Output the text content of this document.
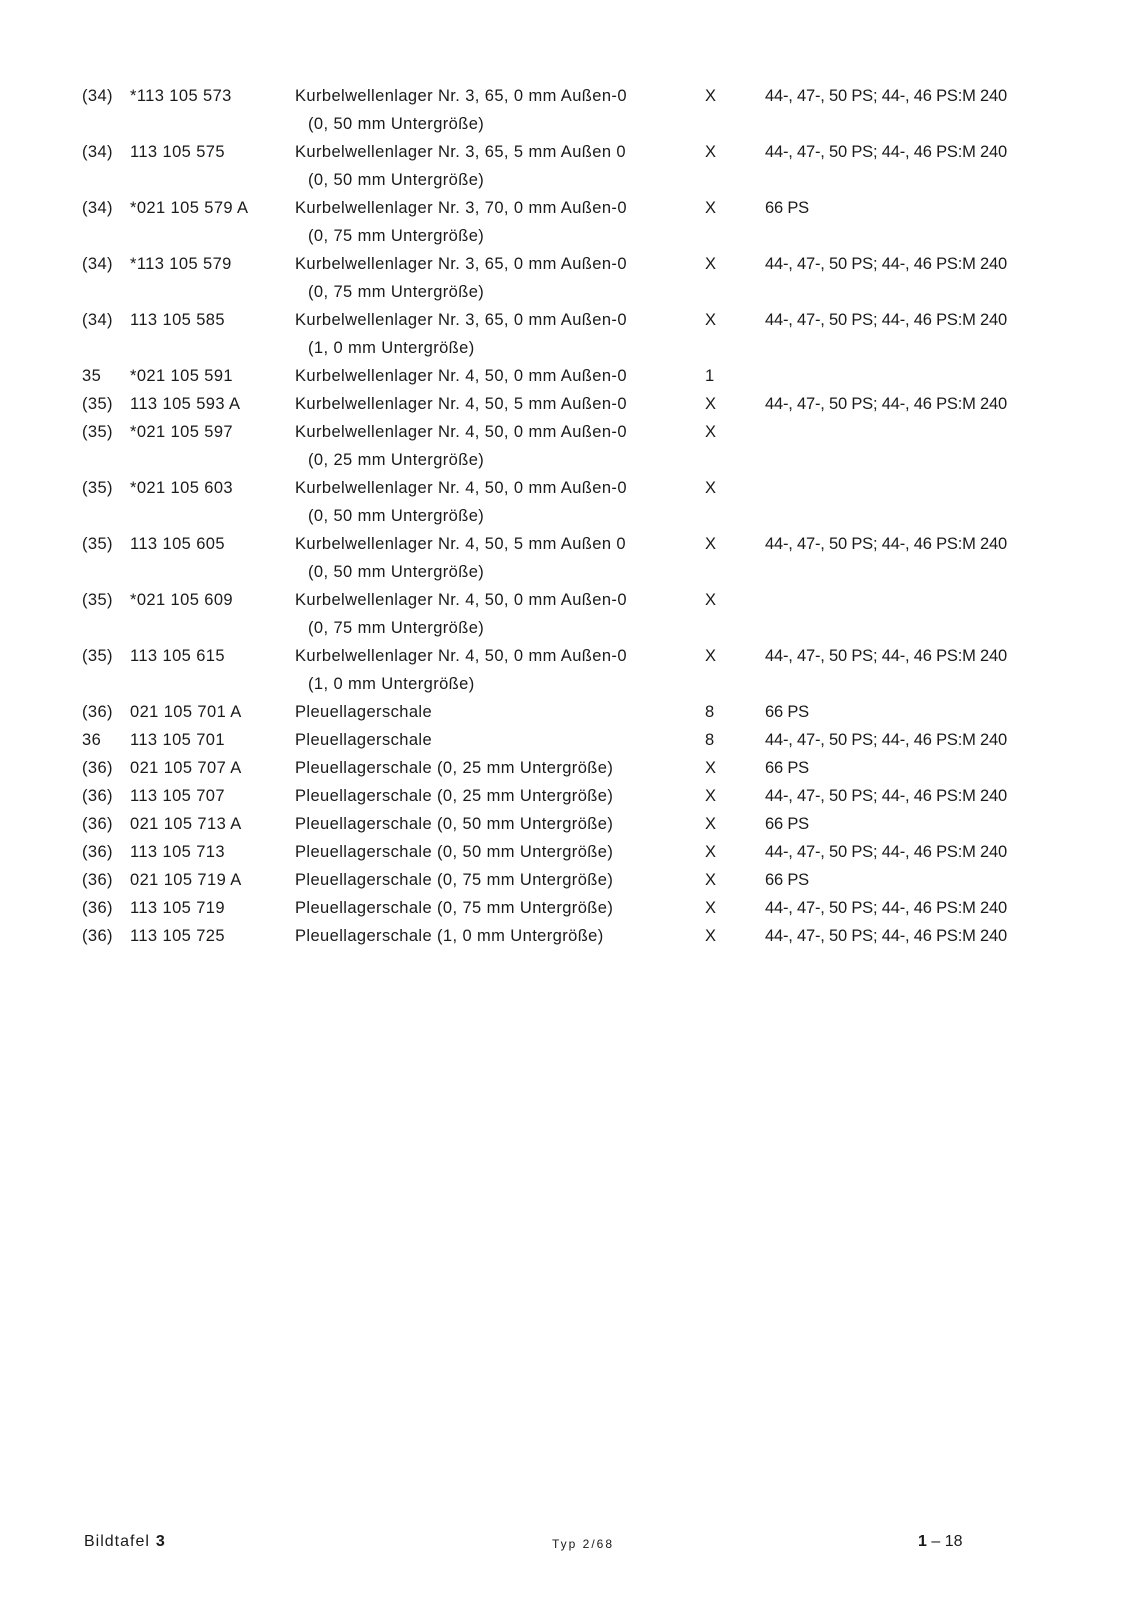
(34) *113 105 573	Kurbelwellenlager Nr. 3, 65, 0 mm Außen-0	X	44-, 47-, 50 PS; 44-, 46 PS:M 240
(0, 50 mm Untergröße)
(34) 113 105 575	Kurbelwellenlager Nr. 3, 65, 5 mm Außen 0	X	44-, 47-, 50 PS; 44-, 46 PS:M 240
(0, 50 mm Untergröße)
(34) *021 105 579 A	Kurbelwellenlager Nr. 3, 70, 0 mm Außen-0	X	66 PS
(0, 75 mm Untergröße)
(34) *113 105 579	Kurbelwellenlager Nr. 3, 65, 0 mm Außen-0	X	44-, 47-, 50 PS; 44-, 46 PS:M 240
(0, 75 mm Untergröße)
(34) 113 105 585	Kurbelwellenlager Nr. 3, 65, 0 mm Außen-0	X	44-, 47-, 50 PS; 44-, 46 PS:M 240
(1, 0 mm Untergröße)
35 *021 105 591	Kurbelwellenlager Nr. 4, 50, 0 mm Außen-0	1
(35) 113 105 593 A	Kurbelwellenlager Nr. 4, 50, 5 mm Außen-0	X	44-, 47-, 50 PS; 44-, 46 PS:M 240
(35) *021 105 597	Kurbelwellenlager Nr. 4, 50, 0 mm Außen-0	X
(0, 25 mm Untergröße)
(35) *021 105 603	Kurbelwellenlager Nr. 4, 50, 0 mm Außen-0	X
(0, 50 mm Untergröße)
(35) 113 105 605	Kurbelwellenlager Nr. 4, 50, 5 mm Außen 0	X	44-, 47-, 50 PS; 44-, 46 PS:M 240
(0, 50 mm Untergröße)
(35) *021 105 609	Kurbelwellenlager Nr. 4, 50, 0 mm Außen-0	X
(0, 75 mm Untergröße)
(35) 113 105 615	Kurbelwellenlager Nr. 4, 50, 0 mm Außen-0	X	44-, 47-, 50 PS; 44-, 46 PS:M 240
(1, 0 mm Untergröße)
(36) 021 105 701 A	Pleuellagerschale	8	66 PS
36 113 105 701	Pleuellagerschale	8	44-, 47-, 50 PS; 44-, 46 PS:M 240
(36) 021 105 707 A	Pleuellagerschale (0, 25 mm Untergröße)	X	66 PS
(36) 113 105 707	Pleuellagerschale (0, 25 mm Untergröße)	X	44-, 47-, 50 PS; 44-, 46 PS:M 240
(36) 021 105 713 A	Pleuellagerschale (0, 50 mm Untergröße)	X	66 PS
(36) 113 105 713	Pleuellagerschale (0, 50 mm Untergröße)	X	44-, 47-, 50 PS; 44-, 46 PS:M 240
(36) 021 105 719 A	Pleuellagerschale (0, 75 mm Untergröße)	X	66 PS
(36) 113 105 719	Pleuellagerschale (0, 75 mm Untergröße)	X	44-, 47-, 50 PS; 44-, 46 PS:M 240
(36) 113 105 725	Pleuellagerschale (1, 0 mm Untergröße)	X	44-, 47-, 50 PS; 44-, 46 PS:M 240
Bildtafel 3	Typ 2/68	1 – 18
